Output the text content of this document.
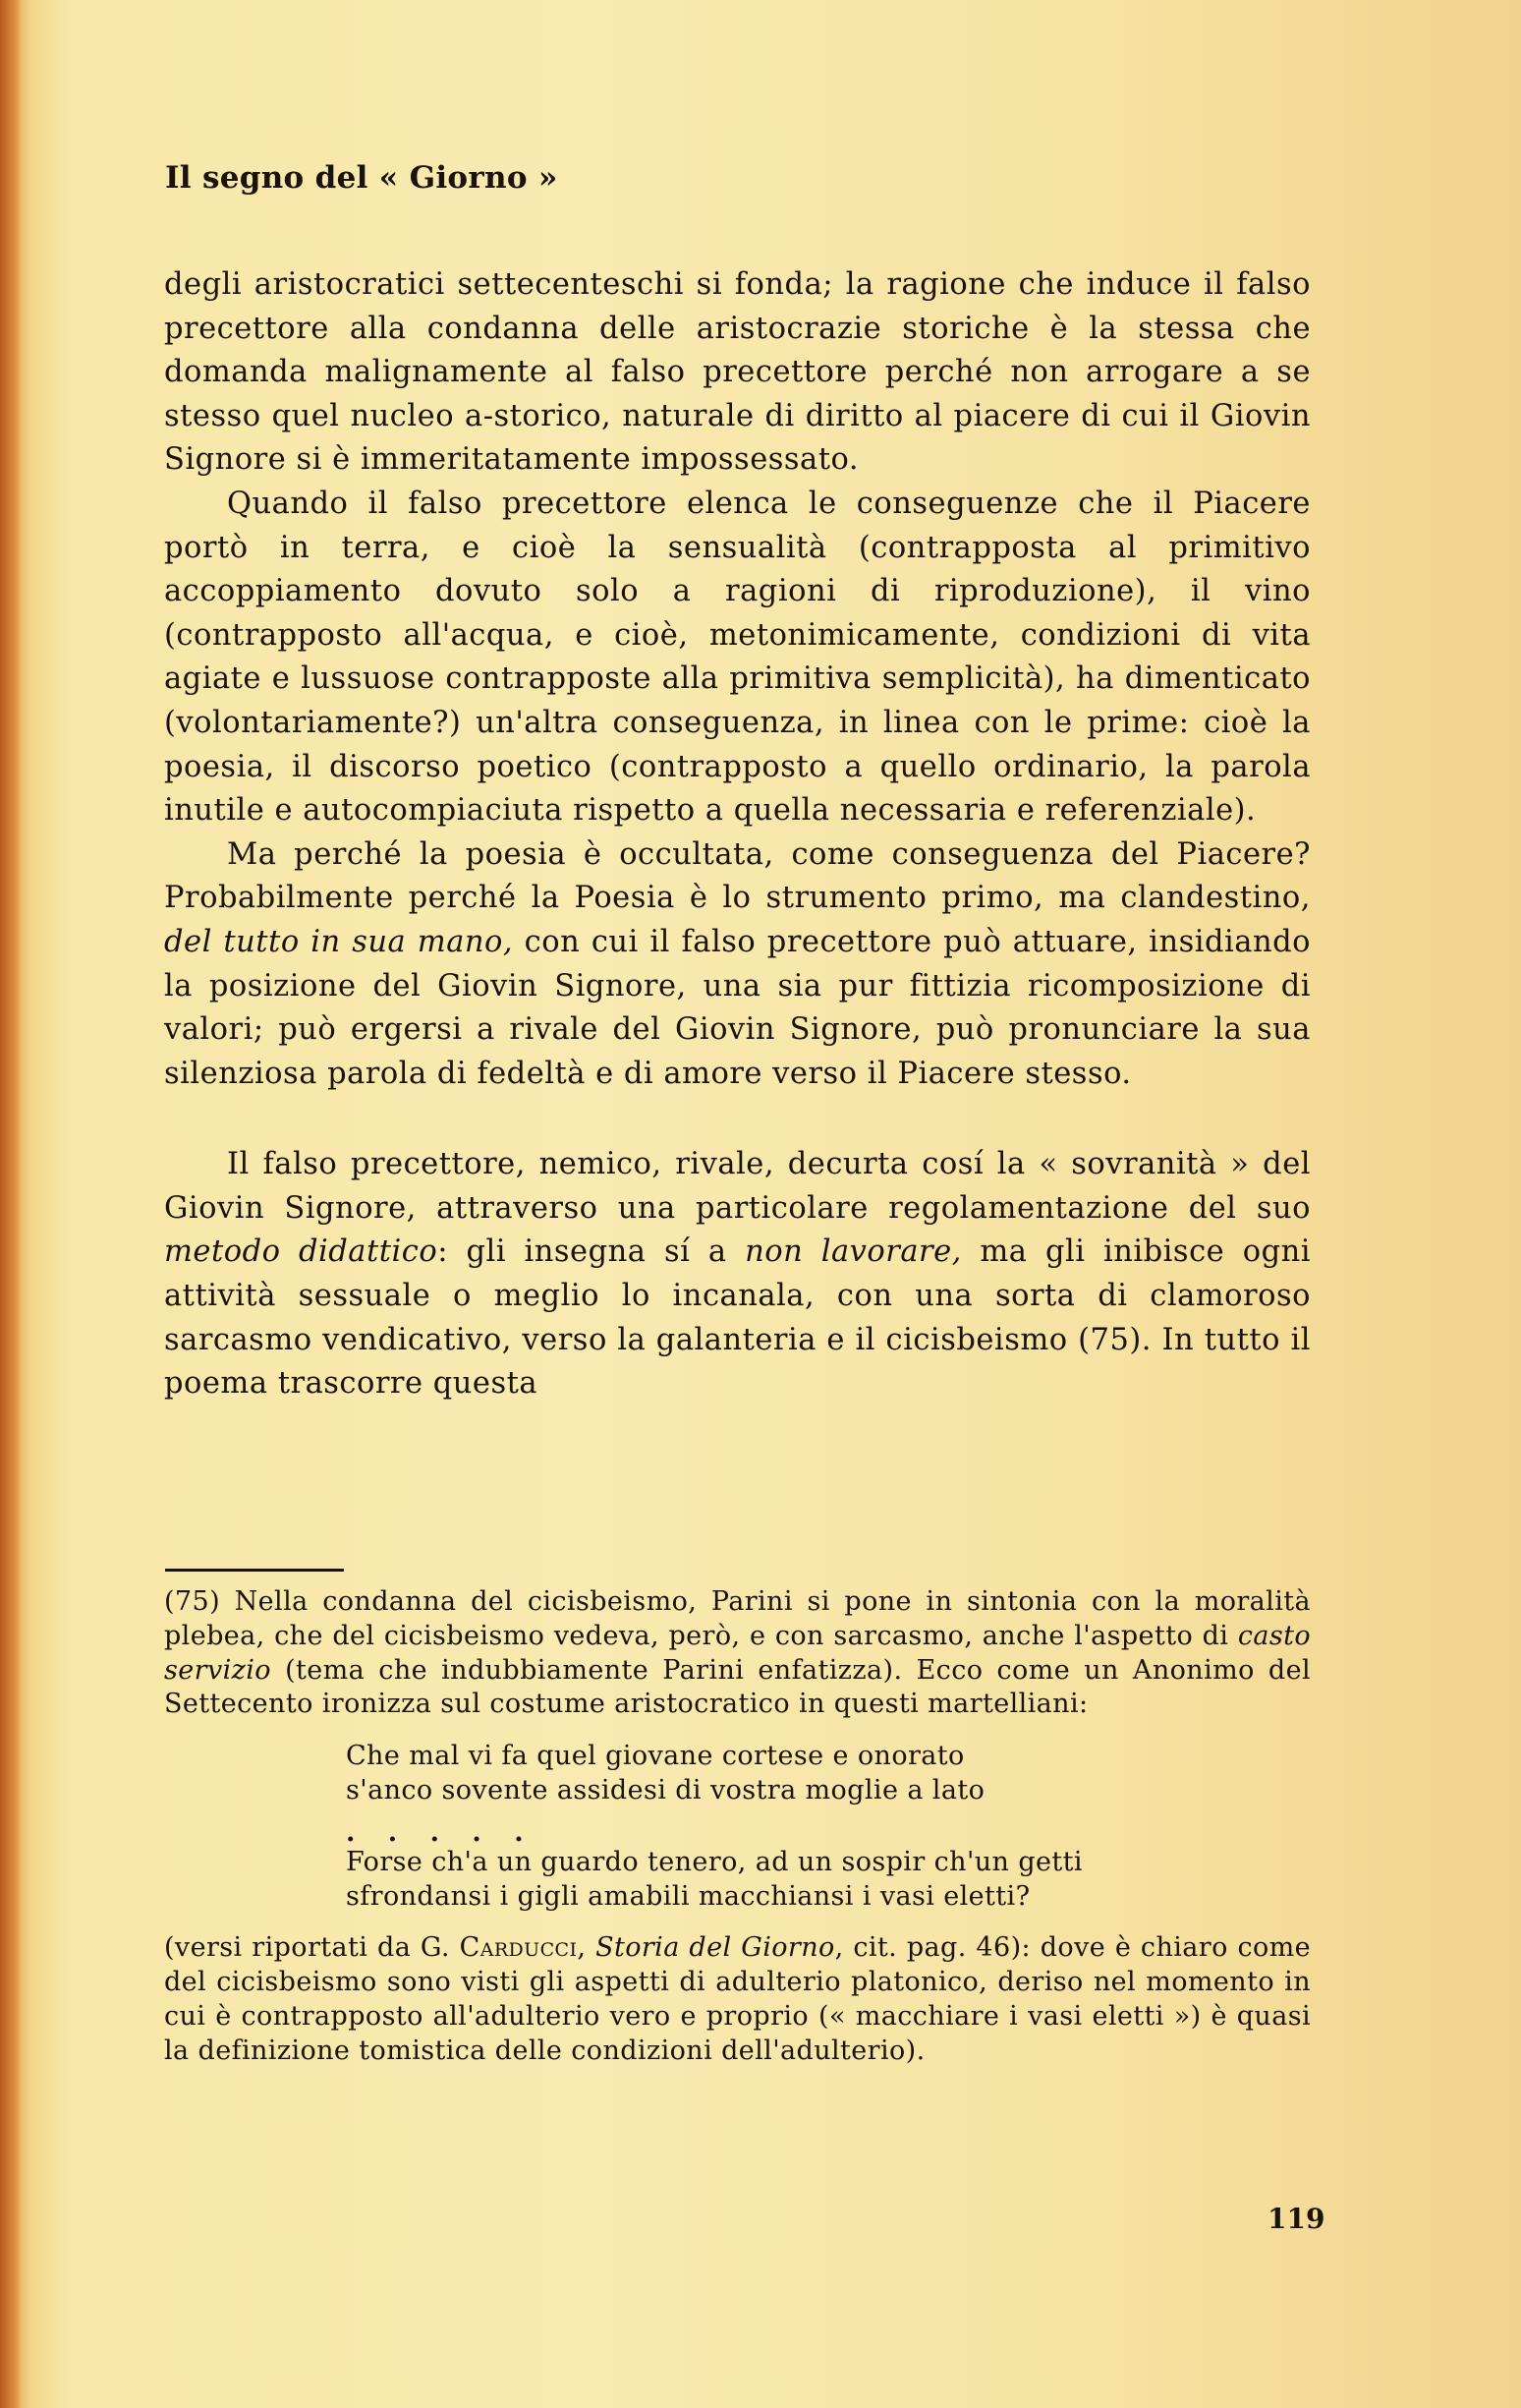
Il segno del « Giorno »

degli aristocratici settecenteschi si fonda; la ragione che induce il falso precettore alla condanna delle aristocrazie storiche è la stessa che domanda malignamente al falso precettore perché non arrogare a se stesso quel nucleo a-storico, naturale di diritto al piacere di cui il Giovin Signore si è immeritatamente impossessato.

Quando il falso precettore elenca le conseguenze che il Piacere portò in terra, e cioè la sensualità (contrapposta al primitivo accoppiamento dovuto solo a ragioni di riproduzione), il vino (contrapposto all'acqua, e cioè, metonimicamente, condizioni di vita agiate e lussuose contrapposte alla primitiva semplicità), ha dimenticato (volontariamente?) un'altra conseguenza, in linea con le prime: cioè la poesia, il discorso poetico (contrapposto a quello ordinario, la parola inutile e autocompiaciuta rispetto a quella necessaria e referenziale).

Ma perché la poesia è occultata, come conseguenza del Piacere? Probabilmente perché la Poesia è lo strumento primo, ma clandestino, del tutto in sua mano, con cui il falso precettore può attuare, insidiando la posizione del Giovin Signore, una sia pur fittizia ricomposizione di valori; può ergersi a rivale del Giovin Signore, può pronunciare la sua silenziosa parola di fedeltà e di amore verso il Piacere stesso.

Il falso precettore, nemico, rivale, decurta cosí la « sovranità » del Giovin Signore, attraverso una particolare regolamentazione del suo metodo didattico: gli insegna sí a non lavorare, ma gli inibisce ogni attività sessuale o meglio lo incanala, con una sorta di clamoroso sarcasmo vendicativo, verso la galanteria e il cicisbeismo (75). In tutto il poema trascorre questa

(75) Nella condanna del cicisbeismo, Parini si pone in sintonia con la moralità plebea, che del cicisbeismo vedeva, però, e con sarcasmo, anche l'aspetto di casto servizio (tema che indubbiamente Parini enfatizza). Ecco come un Anonimo del Settecento ironizza sul costume aristocratico in questi martelliani:

Che mal vi fa quel giovane cortese e onorato
s'anco sovente assidesi di vostra moglie a lato
. . . . .
Forse ch'a un guardo tenero, ad un sospir ch'un getti
sfrondansi i gigli amabili macchiansi i vasi eletti?

(versi riportati da G. Carducci, Storia del Giorno, cit. pag. 46): dove è chiaro come del cicisbeismo sono visti gli aspetti di adulterio platonico, deriso nel momento in cui è contrapposto all'adulterio vero e proprio (« macchiare i vasi eletti ») è quasi la definizione tomistica delle condizioni dell'adulterio).

119
